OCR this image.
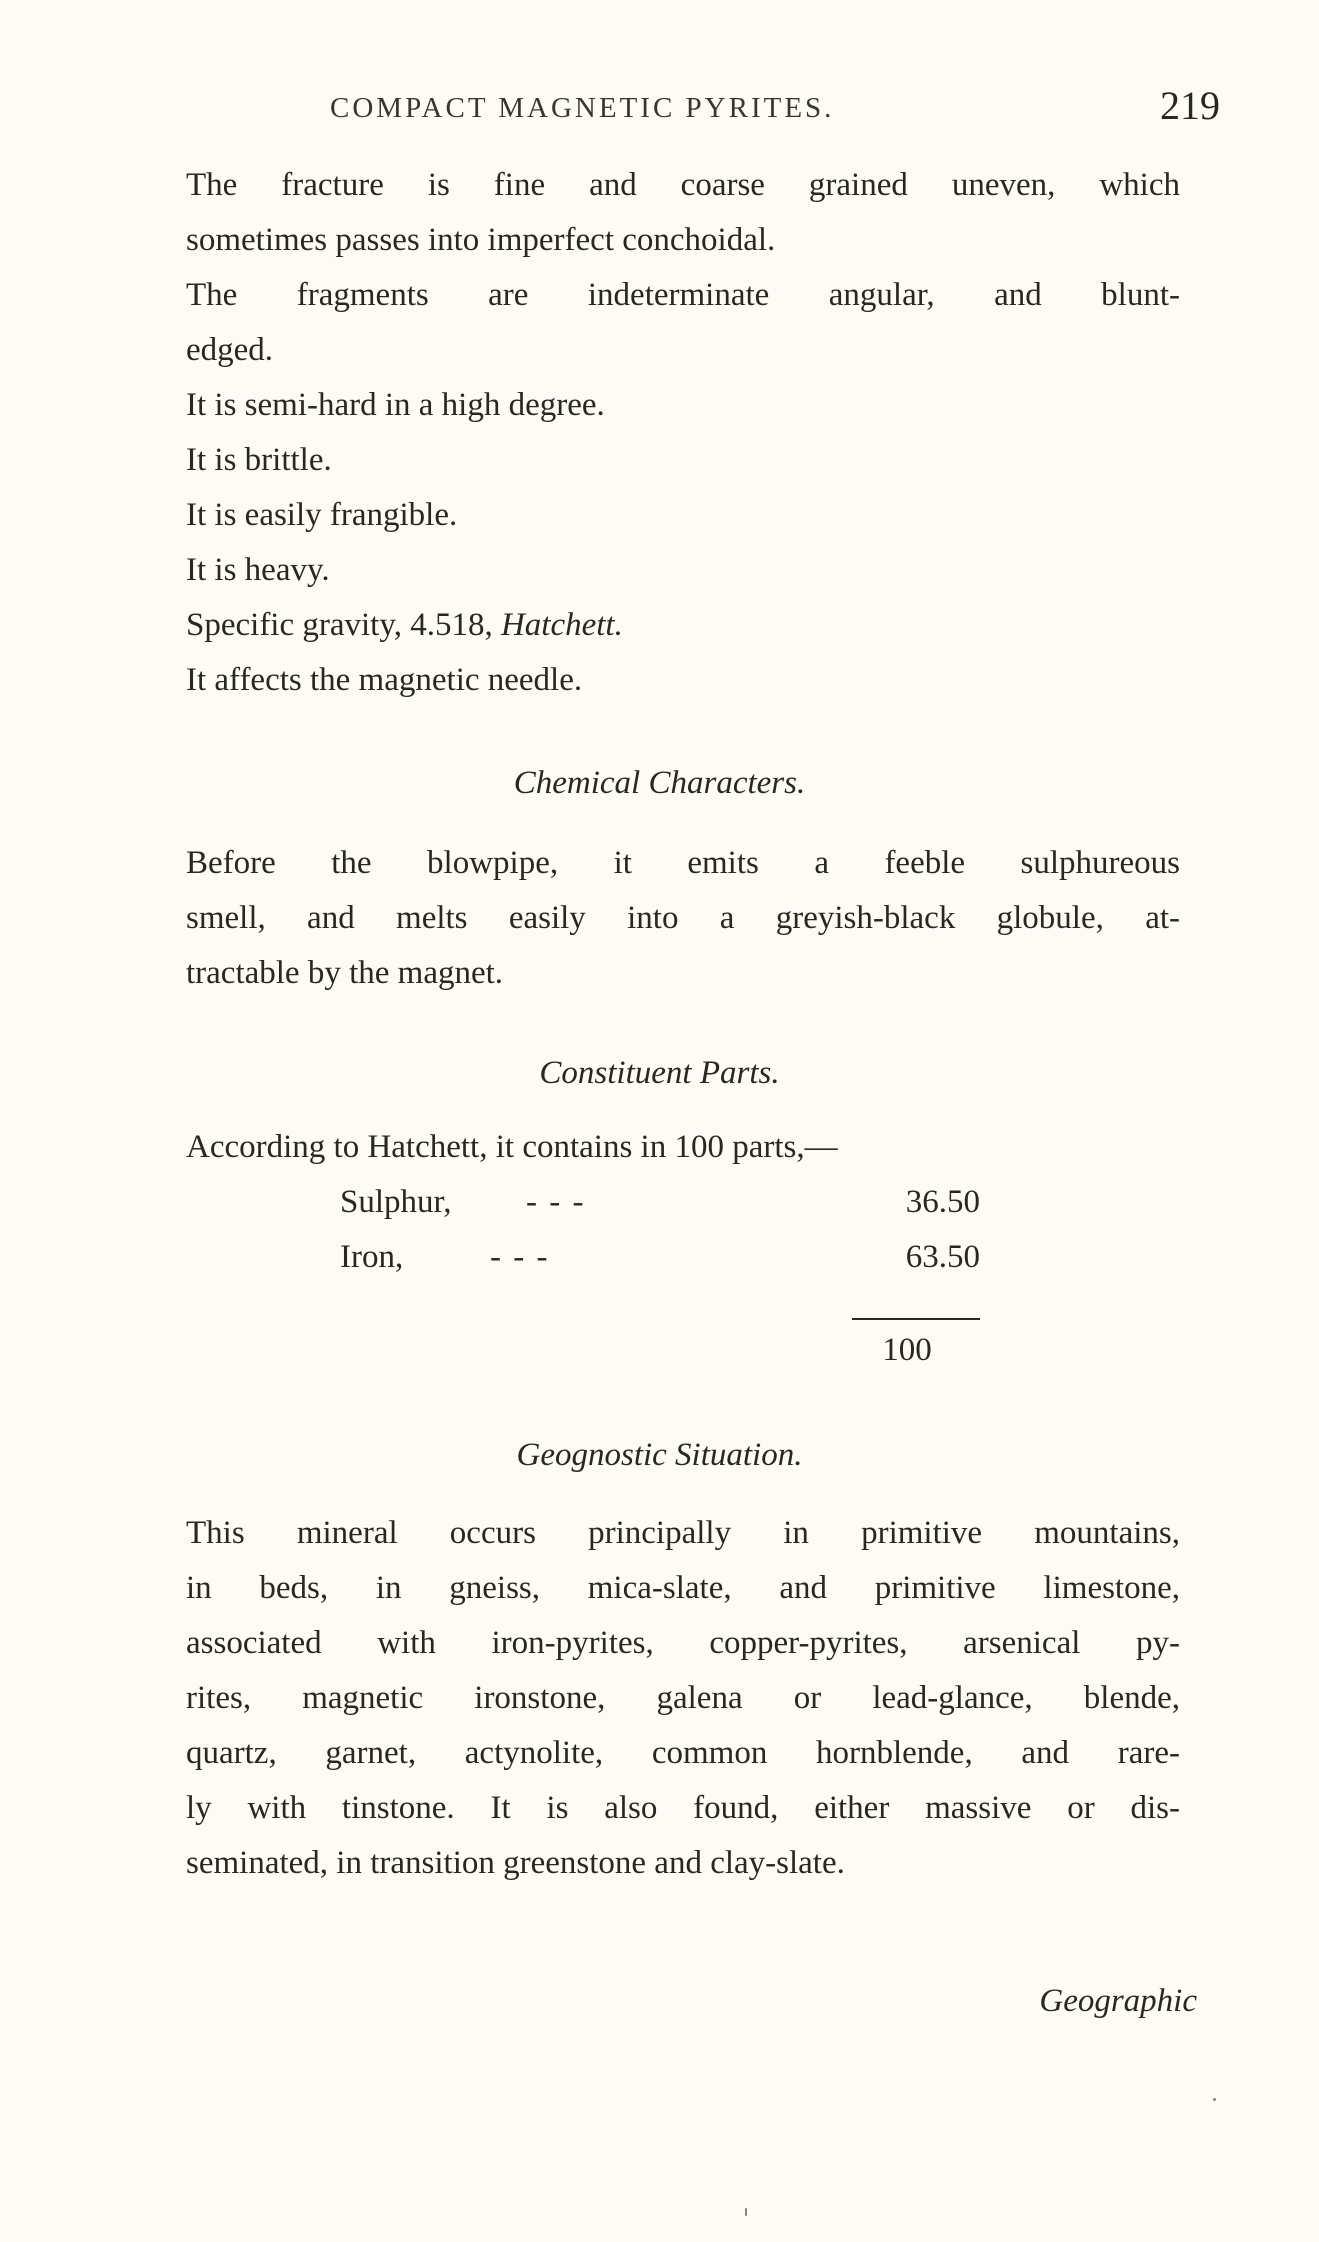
COMPACT MAGNETIC PYRITES.	219
The fracture is fine and coarse grained uneven, which
sometimes passes into imperfect conchoidal.
The fragments are indeterminate angular, and blunt-
edged.
It is semi-hard in a high degree.
It is brittle.
It is easily frangible.
It is heavy.
Specific gravity, 4.518, Hatchett.
It affects the magnetic needle.
Chemical Characters.
Before the blowpipe, it emits a feeble sulphureous
smell, and melts easily into a greyish-black globule, at-
tractable by the magnet.
Constituent Parts.
According to Hatchett, it contains in 100 parts,—
Sulphur, - - -	36.50
Iron,	- - -	63.50
100
Geognostic Situation.
This mineral occurs principally in primitive mountains,
in beds, in gneiss, mica-slate, and primitive limestone,
associated with iron-pyrites, copper-pyrites, arsenical py-
rites, magnetic ironstone, galena or lead-glance, blende,
quartz, garnet, actynolite, common hornblende, and rare-
ly with tinstone. It is also found, either massive or dis-
seminated, in transition greenstone and clay-slate.
Geographic
